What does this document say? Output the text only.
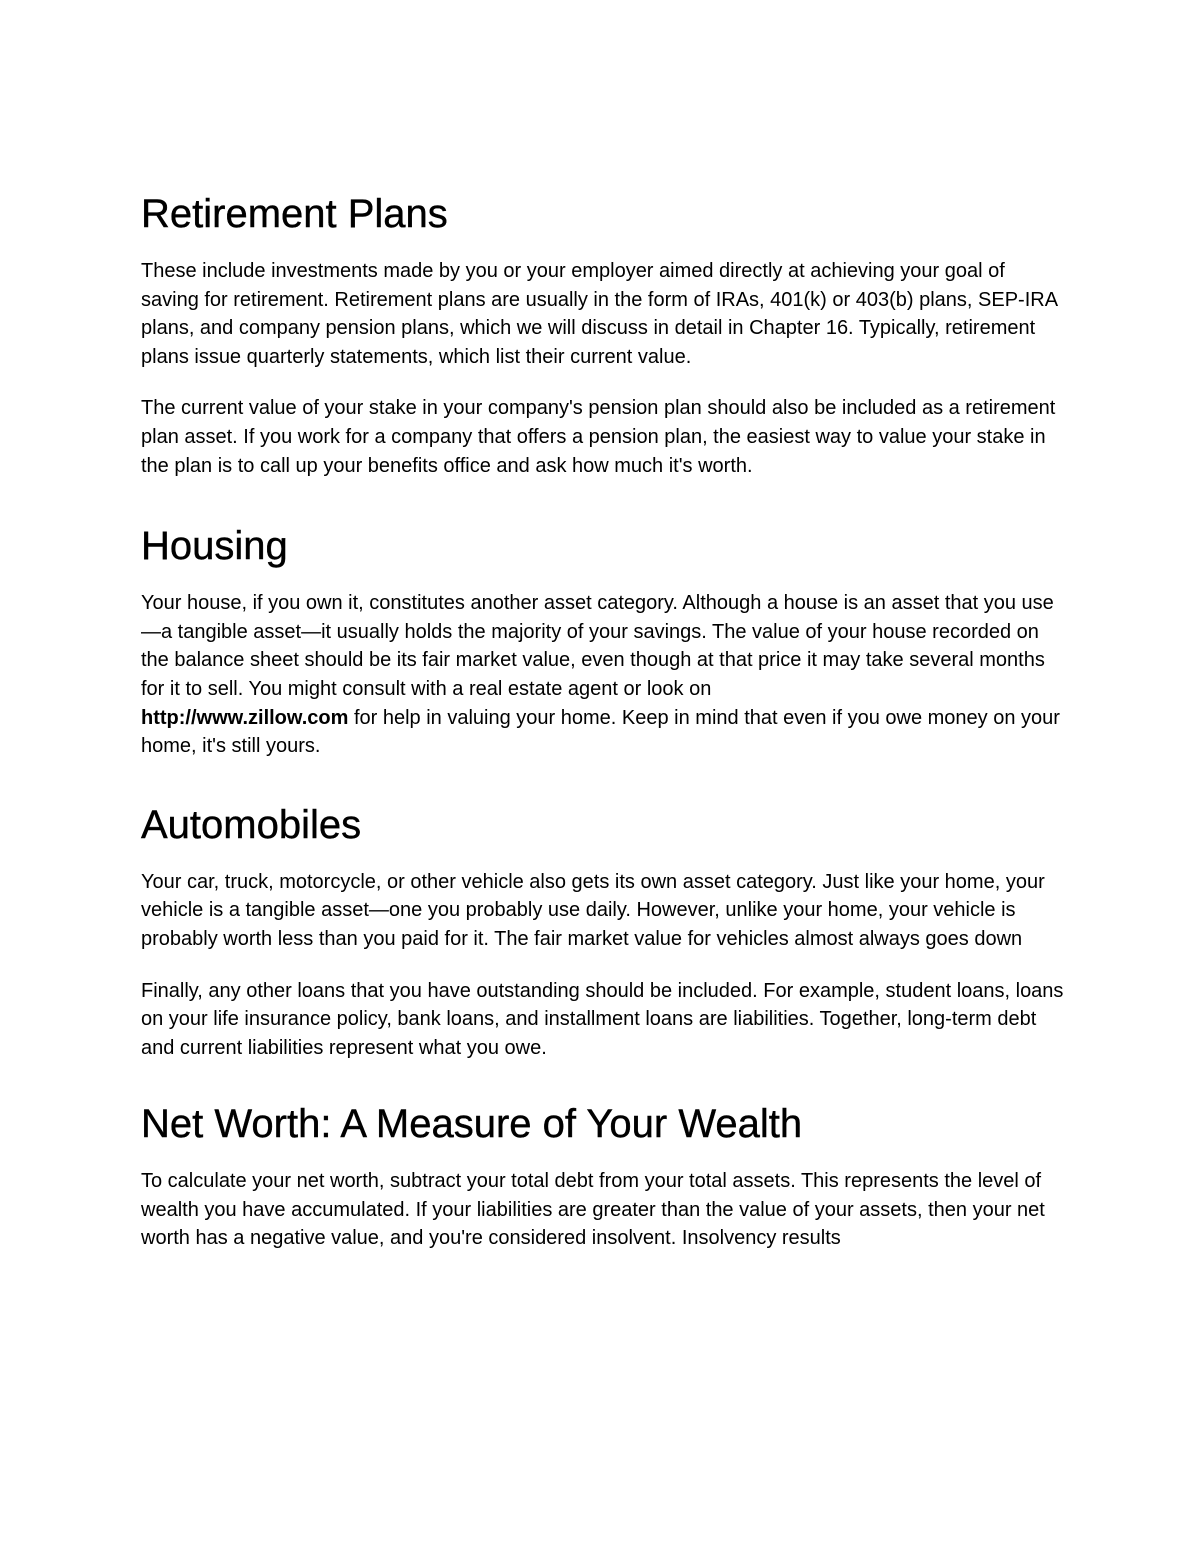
Retirement Plans

These include investments made by you or your employer aimed directly at achieving your goal of saving for retirement. Retirement plans are usually in the form of IRAs, 401(k) or 403(b) plans, SEP-IRA plans, and company pension plans, which we will discuss in detail in Chapter 16. Typically, retirement plans issue quarterly statements, which list their current value.

The current value of your stake in your company's pension plan should also be included as a retirement plan asset. If you work for a company that offers a pension plan, the easiest way to value your stake in the plan is to call up your benefits office and ask how much it's worth.

Housing

Your house, if you own it, constitutes another asset category. Although a house is an asset that you use—a tangible asset—it usually holds the majority of your savings. The value of your house recorded on the balance sheet should be its fair market value, even though at that price it may take several months for it to sell. You might consult with a real estate agent or look on
http://www.zillow.com for help in valuing your home. Keep in mind that even if you owe money on your home, it's still yours.

Automobiles

Your car, truck, motorcycle, or other vehicle also gets its own asset category. Just like your home, your vehicle is a tangible asset—one you probably use daily. However, unlike your home, your vehicle is probably worth less than you paid for it. The fair market value for vehicles almost always goes down

Finally, any other loans that you have outstanding should be included. For example, student loans, loans on your life insurance policy, bank loans, and installment loans are liabilities. Together, long-term debt and current liabilities represent what you owe.

Net Worth: A Measure of Your Wealth

To calculate your net worth, subtract your total debt from your total assets. This represents the level of wealth you have accumulated. If your liabilities are greater than the value of your assets, then your net worth has a negative value, and you're considered insolvent. Insolvency results
